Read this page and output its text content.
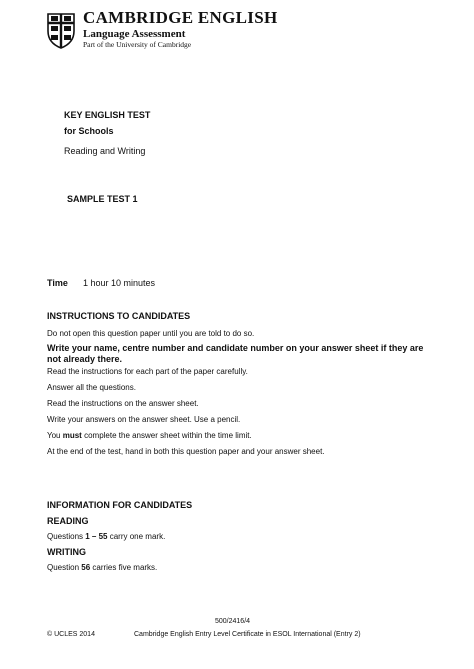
CAMBRIDGE ENGLISH
Language Assessment
Part of the University of Cambridge
KEY ENGLISH TEST
for Schools
Reading and Writing
SAMPLE TEST 1
Time 1 hour 10 minutes
INSTRUCTIONS TO CANDIDATES
Do not open this question paper until you are told to do so.
Write your name, centre number and candidate number on your answer sheet if they are not already there.
Read the instructions for each part of the paper carefully.
Answer all the questions.
Read the instructions on the answer sheet.
Write your answers on the answer sheet. Use a pencil.
You must complete the answer sheet within the time limit.
At the end of the test, hand in both this question paper and your answer sheet.
INFORMATION FOR CANDIDATES
READING
Questions 1 – 55 carry one mark.
WRITING
Question 56 carries five marks.
500/2416/4
© UCLES 2014	Cambridge English Entry Level Certificate in ESOL International (Entry 2)
